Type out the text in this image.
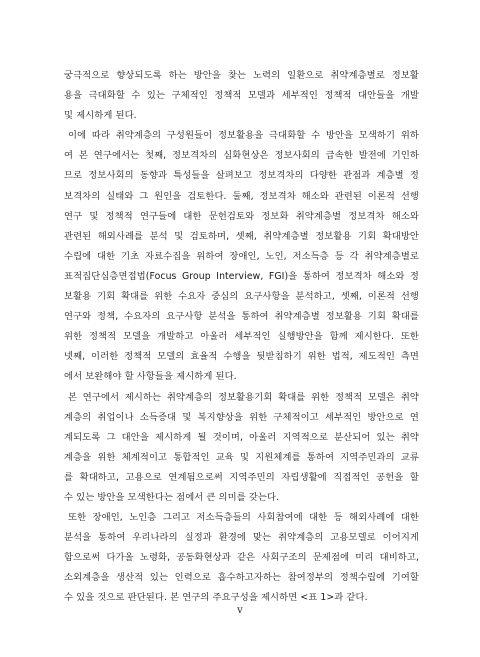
궁극적으로 향상되도록 하는 방안을 찾는 노력의 일환으로 취약계층별로 정보활
용을 극대화할 수 있는 구체적인 정책적 모델과 세부적인 정책적 대안들을 개발
및 제시하게 된다.
이에 따라 취약계층의 구성원들이 정보활용을 극대화할 수 방안을 모색하기 위하
여 본 연구에서는 첫째, 정보격차의 심화현상은 정보사회의 급속한 발전에 기인하
므로 정보사회의 동향과 특성들을 살펴보고 정보격차의 다양한 관점과 계층별 정
보격차의 실태와 그 원인을 검토한다. 둘째, 정보격차 해소와 관련된 이론적 선행
연구 및 정책적 연구들에 대한 문헌검토와 정보화 취약계층별 정보격차 해소와
관련된 해외사례를 분석 및 검토하며, 셋째, 취약계층별 정보활용 기회 확대방안
수립에 대한 기초 자료수집을 위하여 장애인, 노인, 저소득층 등 각 취약계층별로
표적집단심층면접법(Focus Group Interview, FGI)을 통하여 정보격차 해소와 정
보활용 기회 확대를 위한 수요자 중심의 요구사항을 분석하고, 셋째, 이론적 선행
연구와 정책, 수요자의 요구사항 분석을 통하여 취약계층별 정보활용 기회 확대를
위한 정책적 모델을 개발하고 아울러 세부적인 실행방안을 함께 제시한다. 또한
넷째, 이러한 정책적 모델의 효율적 수행을 뒷받침하기 위한 법적, 제도적인 측면
에서 보완해야 할 사항들을 제시하게 된다.
본 연구에서 제시하는 취약계층의 정보활용기회 확대를 위한 정책적 모델은 취약
계층의 취업이나 소득증대 및 복지향상을 위한 구체적이고 세부적인 방안으로 연
계되도록 그 대안을 제시하게 될 것이며, 아울러 지역적으로 분산되어 있는 취약
계층을 위한 체계적이고 통합적인 교육 및 지원체계를 통하여 지역주민과의 교류
를 확대하고, 고용으로 연계됨으로써 지역주민의 자립생활에 직접적인 공헌을 할
수 있는 방안을 모색한다는 점에서 큰 의미를 갖는다.
또한 장애인, 노인층 그리고 저소득층들의 사회참여에 대한 등 해외사례에 대한
분석을 통하여 우리나라의 실정과 환경에 맞는 취약계층의 고용모델로 이어지게
함으로써 다가올 노령화, 공동화현상과 같은 사회구조의 문제점에 미리 대비하고,
소외계층을 생산적 있는 인력으로 흡수하고자하는 참여정부의 정책수립에 기여할
수 있을 것으로 판단된다. 본 연구의 주요구성을 제시하면 <표 1>과 같다.
v
